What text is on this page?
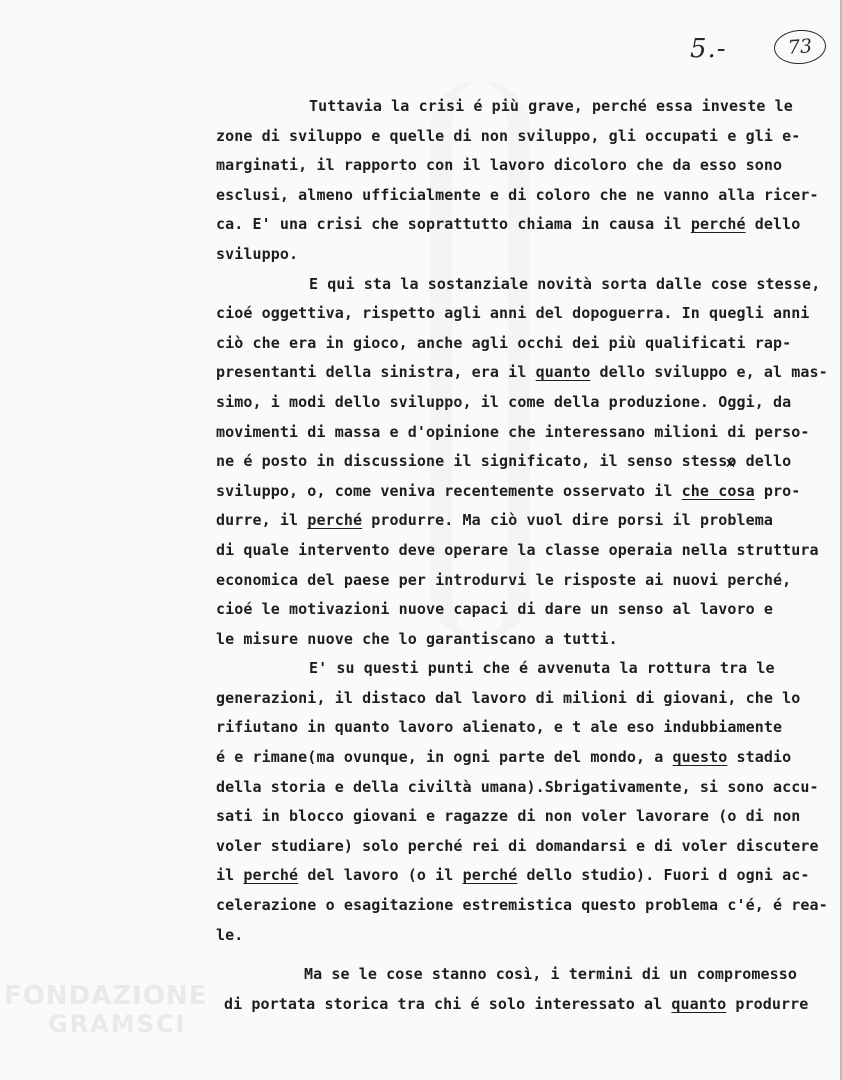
5.-	73
Tuttavia la crisi é più grave, perché essa investe le
zone di sviluppo e quelle di non sviluppo, gli occupati e gli e-
marginati, il rapporto con il lavoro dicoloro che da esso sono
esclusi, almeno ufficialmente e di coloro che ne vanno alla ricer-
ca. E' una crisi che soprattutto chiama in causa il perché dello
sviluppo.
E qui sta la sostanziale novità sorta dalle cose stesse,
cioé oggettiva, rispetto agli anni del dopoguerra. In quegli anni
ciò che era in gioco, anche agli occhi dei più qualificati rap-
presentanti della sinistra, era il quanto dello sviluppo e, al mas-
simo, i modi dello sviluppo, il come della produzione. Oggi, da
movimenti di massa e d'opinione che interessano milioni di perso-
ne é posto in discussione il significato, il senso stesso ✕ dello
sviluppo, o, come veniva recentemente osservato il che cosa pro-
durre, il perché produrre. Ma ciò vuol dire porsi il problema
di quale intervento deve operare la classe operaia nella struttura
economica del paese per introdurvi le risposte ai nuovi perché,
cioé le motivazioni nuove capaci di dare un senso al lavoro e
le misure nuove che lo garantiscano a tutti.
E' su questi punti che é avvenuta la rottura tra le
generazioni, il distaco dal lavoro di milioni di giovani, che lo
rifiutano in quanto lavoro alienato, e t ale eso indubbiamente
é e rimane(ma ovunque, in ogni parte del mondo, a questo stadio
della storia e della civiltà umana).Sbrigativamente, si sono accu-
sati in blocco giovani e ragazze di non voler lavorare (o di non
voler studiare) solo perché rei di domandarsi e di voler discutere
il perché del lavoro (o il perché dello studio). Fuori d ogni ac-
celerazione o esagitazione estremistica questo problema c'é, é rea-
le.
Ma se le cose stanno così, i termini di un compromesso
di portata storica tra chi é solo interessato al quanto produrre
FONDAZIONE
GRAMSCI
